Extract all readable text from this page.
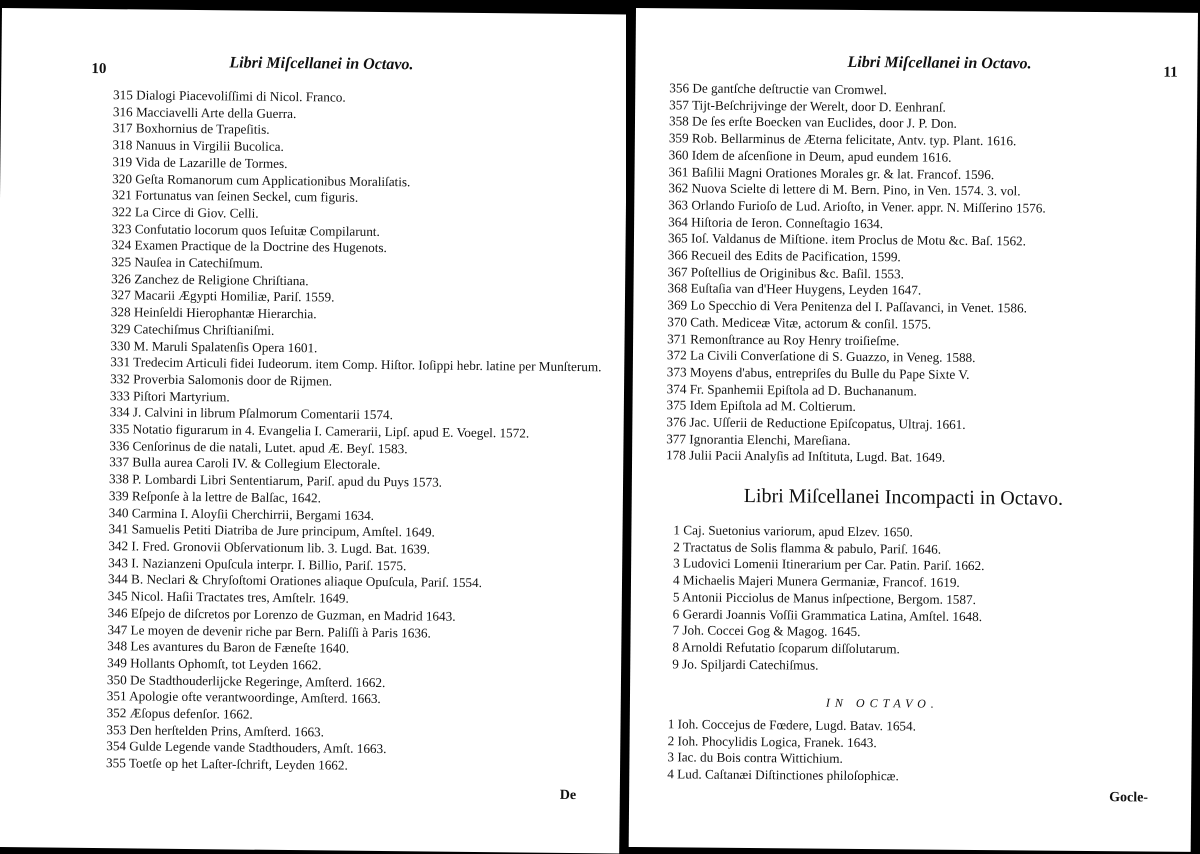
10	Libri Miſcellanei in Octavo.
315 Dialogi Piacevoliſſimi di Nicol. Franco.
316 Macciavelli Arte della Guerra.
317 Boxhornius de Trapeſitis.
318 Nanuus in Virgilii Bucolica.
319 Vida de Lazarille de Tormes.
320 Geſta Romanorum cum Applicationibus Moraliſatis.
321 Fortunatus van ſeinen Seckel, cum figuris.
322 La Circe di Giov. Celli.
323 Confutatio locorum quos Ieſuitæ Compilarunt.
324 Examen Practique de la Doctrine des Hugenots.
325 Nauſea in Catechiſmum.
326 Zanchez de Religione Chriſtiana.
327 Macarii Ægypti Homiliæ, Pariſ. 1559.
328 Heinſeldi Hierophantæ Hierarchia.
329 Catechiſmus Chriſtianiſmi.
330 M. Maruli Spalatenſis Opera 1601.
331 Tredecim Articuli fidei Iudeorum. item Comp. Hiſtor. Ioſippi hebr. latine per Munſterum.
332 Proverbia Salomonis door de Rijmen.
333 Piſtori Martyrium.
334 J. Calvini in librum Pſalmorum Comentarii 1574.
335 Notatio figurarum in 4. Evangelia I. Camerarii, Lipſ. apud E. Voegel. 1572.
336 Cenſorinus de die natali, Lutet. apud Æ. Beyſ. 1583.
337 Bulla aurea Caroli IV. & Collegium Electorale.
338 P. Lombardi Libri Sententiarum, Pariſ. apud du Puys 1573.
339 Reſponſe à la lettre de Balſac, 1642.
340 Carmina I. Aloyſii Cherchirrii, Bergami 1634.
341 Samuelis Petiti Diatriba de Jure principum, Amſtel. 1649.
342 I. Fred. Gronovii Obſervationum lib. 3. Lugd. Bat. 1639.
343 I. Nazianzeni Opuſcula interpr. I. Billio, Pariſ. 1575.
344 B. Neclari & Chryſoſtomi Orationes aliaque Opuſcula, Pariſ. 1554.
345 Nicol. Haſii Tractates tres, Amſtelr. 1649.
346 Eſpejo de diſcretos por Lorenzo de Guzman, en Madrid 1643.
347 Le moyen de devenir riche par Bern. Paliſſi à Paris 1636.
348 Les avantures du Baron de Fæneſte 1640.
349 Hollants Ophomſt, tot Leyden 1662.
350 De Stadthouderlijcke Regeringe, Amſterd. 1662.
351 Apologie ofte verantwoordinge, Amſterd. 1663.
352 Æſopus defenſor. 1662.
353 Den herſtelden Prins, Amſterd. 1663.
354 Gulde Legende vande Stadthouders, Amſt. 1663.
355 Toetſe op het Laſter-ſchrift, Leyden 1662.
De
Libri Miſcellanei in Octavo.
11
356 De gantſche deſtructie van Cromwel.
357 Tijt-Beſchrijvinge der Werelt, door D. Eenhranſ.
358 De ſes erſte Boecken van Euclides, door J. P. Don.
359 Rob. Bellarminus de Æterna felicitate, Antv. typ. Plant. 1616.
360 Idem de aſcenſione in Deum, apud eundem 1616.
361 Baſilii Magni Orationes Morales gr. & lat. Francof. 1596.
362 Nuova Scielte di lettere di M. Bern. Pino, in Ven. 1574. 3. vol.
363 Orlando Furioſo de Lud. Arioſto, in Vener. appr. N. Miſſerino 1576.
364 Hiſtoria de Ieron. Conneſtagio 1634.
365 Ioſ. Valdanus de Miſtione. item Proclus de Motu &c. Baſ. 1562.
366 Recueil des Edits de Pacification, 1599.
367 Poſtellius de Originibus &c. Baſil. 1553.
368 Euſtaſia van d'Heer Huygens, Leyden 1647.
369 Lo Specchio di Vera Penitenza del I. Paſſavanci, in Venet. 1586.
370 Cath. Mediceæ Vitæ, actorum & conſil. 1575.
371 Remonſtrance au Roy Henry troiſieſme.
372 La Civili Converſatione di S. Guazzo, in Veneg. 1588.
373 Moyens d'abus, entrepriſes du Bulle du Pape Sixte V.
374 Fr. Spanhemii Epiſtola ad D. Buchananum.
375 Idem Epiſtola ad M. Coltierum.
376 Jac. Uſſerii de Reductione Epiſcopatus, Ultraj. 1661.
377 Ignorantia Elenchi, Mareſiana.
178 Julii Pacii Analyſis ad Inſtituta, Lugd. Bat. 1649.
Libri Miſcellanei Incompacti in Octavo.
1 Caj. Suetonius variorum, apud Elzev. 1650.
2 Tractatus de Solis flamma & pabulo, Pariſ. 1646.
3 Ludovici Lomenii Itinerarium per Car. Patin. Pariſ. 1662.
4 Michaelis Majeri Munera Germaniæ, Francof. 1619.
5 Antonii Picciolus de Manus inſpectione, Bergom. 1587.
6 Gerardi Joannis Voſſii Grammatica Latina, Amſtel. 1648.
7 Joh. Coccei Gog & Magog. 1645.
8 Arnoldi Refutatio ſcoparum diſſolutarum.
9 Jo. Spiljardi Catechiſmus.
IN OCTAVO.
1 Ioh. Coccejus de Fœdere, Lugd. Batav. 1654.
2 Ioh. Phocylidis Logica, Franek. 1643.
3 Iac. du Bois contra Wittichium.
4 Lud. Caſtanæi Diſtinctiones philoſophicæ.
Gocle-
